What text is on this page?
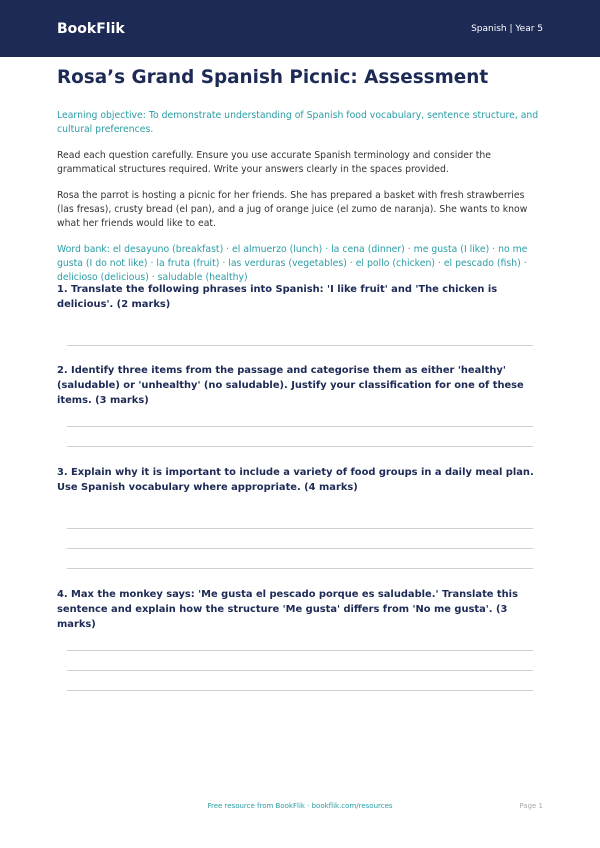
BookFlik	Spanish | Year 5
Rosa’s Grand Spanish Picnic: Assessment
Learning objective: To demonstrate understanding of Spanish food vocabulary, sentence structure, and cultural preferences.
Read each question carefully. Ensure you use accurate Spanish terminology and consider the grammatical structures required. Write your answers clearly in the spaces provided.
Rosa the parrot is hosting a picnic for her friends. She has prepared a basket with fresh strawberries (las fresas), crusty bread (el pan), and a jug of orange juice (el zumo de naranja). She wants to know what her friends would like to eat.
Word bank: el desayuno (breakfast) · el almuerzo (lunch) · la cena (dinner) · me gusta (I like) · no me gusta (I do not like) · la fruta (fruit) · las verduras (vegetables) · el pollo (chicken) · el pescado (fish) · delicioso (delicious) · saludable (healthy)
1. Translate the following phrases into Spanish: 'I like fruit' and 'The chicken is delicious'. (2 marks)
2. Identify three items from the passage and categorise them as either 'healthy' (saludable) or 'unhealthy' (no saludable). Justify your classification for one of these items. (3 marks)
3. Explain why it is important to include a variety of food groups in a daily meal plan. Use Spanish vocabulary where appropriate. (4 marks)
4. Max the monkey says: 'Me gusta el pescado porque es saludable.' Translate this sentence and explain how the structure 'Me gusta' differs from 'No me gusta'. (3 marks)
Free resource from BookFlik · bookflik.com/resources	Page 1
